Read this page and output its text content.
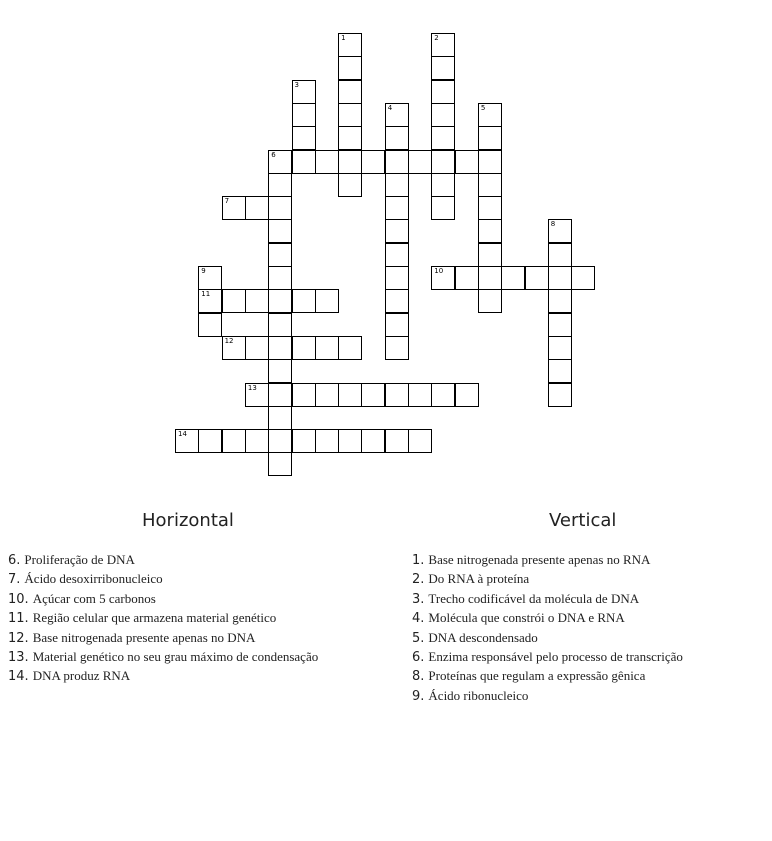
1	2
3
4	5
6
7
8
9
11
10
12
13
14
Horizontal	Vertical
6. Proliferação de DNA
7. Ácido desoxirribonucleico
10. Açúcar com 5 carbonos
11. Região celular que armazena material genético
12. Base nitrogenada presente apenas no DNA
13. Material genético no seu grau máximo de condensação
14. DNA produz RNA
1. Base nitrogenada presente apenas no RNA
2. Do RNA à proteína
3. Trecho codificável da molécula de DNA
4. Molécula que constrói o DNA e RNA
5. DNA descondensado
6. Enzima responsável pelo processo de transcrição
8. Proteínas que regulam a expressão gênica
9. Ácido ribonucleico
